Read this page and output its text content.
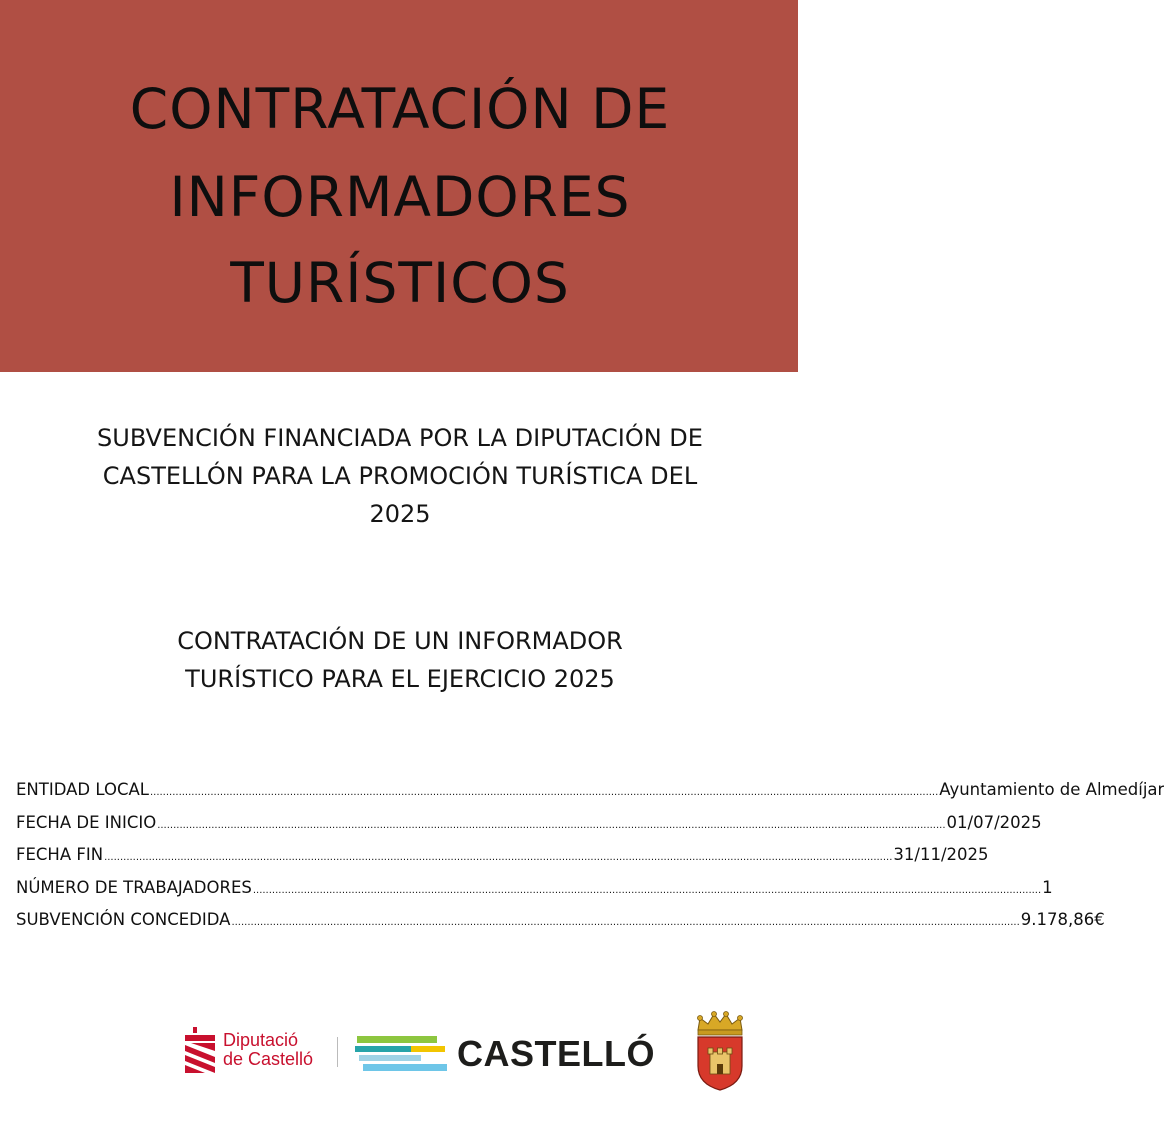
CONTRATACIÓN DE
INFORMADORES
TURÍSTICOS
SUBVENCIÓN FINANCIADA POR LA DIPUTACIÓN DE
CASTELLÓN PARA LA PROMOCIÓN TURÍSTICA DEL
2025
CONTRATACIÓN DE UN INFORMADOR
TURÍSTICO PARA EL EJERCICIO 2025
ENTIDAD LOCAL ........................................................................................................................................................................................................................................................ Ayuntamiento de Almedíjar
FECHA DE INICIO ........................................................................................................................................................................................................................................................ 01/07/2025
FECHA FIN ........................................................................................................................................................................................................................................................ 31/11/2025
NÚMERO DE TRABAJADORES ........................................................................................................................................................................................................................................................ 1
SUBVENCIÓN CONCEDIDA ........................................................................................................................................................................................................................................................ 9.178,86€
Diputació
de Castelló	CASTELLÓ
